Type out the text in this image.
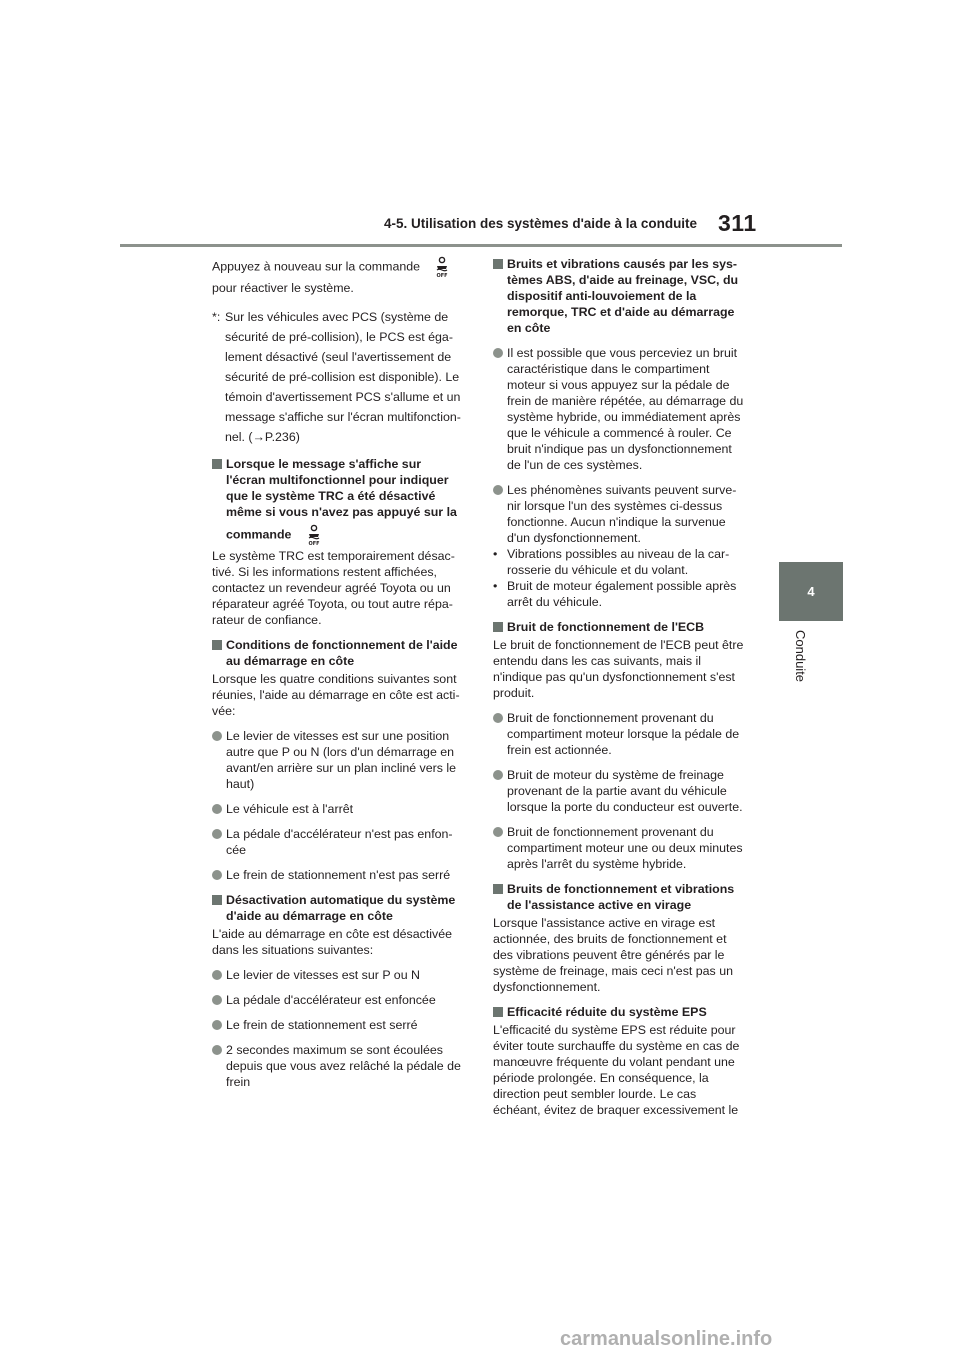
4-5. Utilisation des systèmes d'aide à la conduite 311
4
Conduite

Appuyez à nouveau sur la commande
OFF

pour réactiver le système.

*: Sur les véhicules avec PCS (système de
sécurité de pré-collision), le PCS est éga-
lement désactivé (seul l'avertissement de
sécurité de pré-collision est disponible). Le
témoin d'avertissement PCS s'allume et un
message s'affiche sur l'écran multifonction-
nel. (→P.236)
Lorsque le message s'affiche sur
l'écran multifonctionnel pour indiquer
que le système TRC a été désactivé
même si vous n'avez pas appuyé sur la
commande
OFF
Le système TRC est temporairement désac-
tivé. Si les informations restent affichées,
contactez un revendeur agréé Toyota ou un
réparateur agréé Toyota, ou tout autre répa-
rateur de confiance.
Conditions de fonctionnement de l'aide
au démarrage en côte
Lorsque les quatre conditions suivantes sont
réunies, l'aide au démarrage en côte est acti-
vée:
Le levier de vitesses est sur une position
autre que P ou N (lors d'un démarrage en
avant/en arrière sur un plan incliné vers le
haut)
Le véhicule est à l'arrêt
La pédale d'accélérateur n'est pas enfon-
cée
Le frein de stationnement n'est pas serré
Désactivation automatique du système
d'aide au démarrage en côte
L'aide au démarrage en côte est désactivée
dans les situations suivantes:
Le levier de vitesses est sur P ou N
La pédale d'accélérateur est enfoncée
Le frein de stationnement est serré
2 secondes maximum se sont écoulées
depuis que vous avez relâché la pédale de
frein
Bruits et vibrations causés par les sys-
tèmes ABS, d'aide au freinage, VSC, du
dispositif anti-louvoiement de la
remorque, TRC et d'aide au démarrage
en côte
Il est possible que vous perceviez un bruit
caractéristique dans le compartiment
moteur si vous appuyez sur la pédale de
frein de manière répétée, au démarrage du
système hybride, ou immédiatement après
que le véhicule a commencé à rouler. Ce
bruit n'indique pas un dysfonctionnement
de l'un de ces systèmes.
Les phénomènes suivants peuvent surve-
nir lorsque l'un des systèmes ci-dessus
fonctionne. Aucun n'indique la survenue
d'un dysfonctionnement.
• Vibrations possibles au niveau de la car-
rosserie du véhicule et du volant.
• Bruit de moteur également possible après
arrêt du véhicule.
Bruit de fonctionnement de l'ECB
Le bruit de fonctionnement de l'ECB peut être
entendu dans les cas suivants, mais il
n'indique pas qu'un dysfonctionnement s'est
produit.
Bruit de fonctionnement provenant du
compartiment moteur lorsque la pédale de
frein est actionnée.
Bruit de moteur du système de freinage
provenant de la partie avant du véhicule
lorsque la porte du conducteur est ouverte.
Bruit de fonctionnement provenant du
compartiment moteur une ou deux minutes
après l'arrêt du système hybride.
Bruits de fonctionnement et vibrations
de l'assistance active en virage
Lorsque l'assistance active en virage est
actionnée, des bruits de fonctionnement et
des vibrations peuvent être générés par le
système de freinage, mais ceci n'est pas un
dysfonctionnement.
Efficacité réduite du système EPS
L'efficacité du système EPS est réduite pour
éviter toute surchauffe du système en cas de
manœuvre fréquente du volant pendant une
période prolongée. En conséquence, la
direction peut sembler lourde. Le cas
échéant, évitez de braquer excessivement le
carmanualsonline.info
